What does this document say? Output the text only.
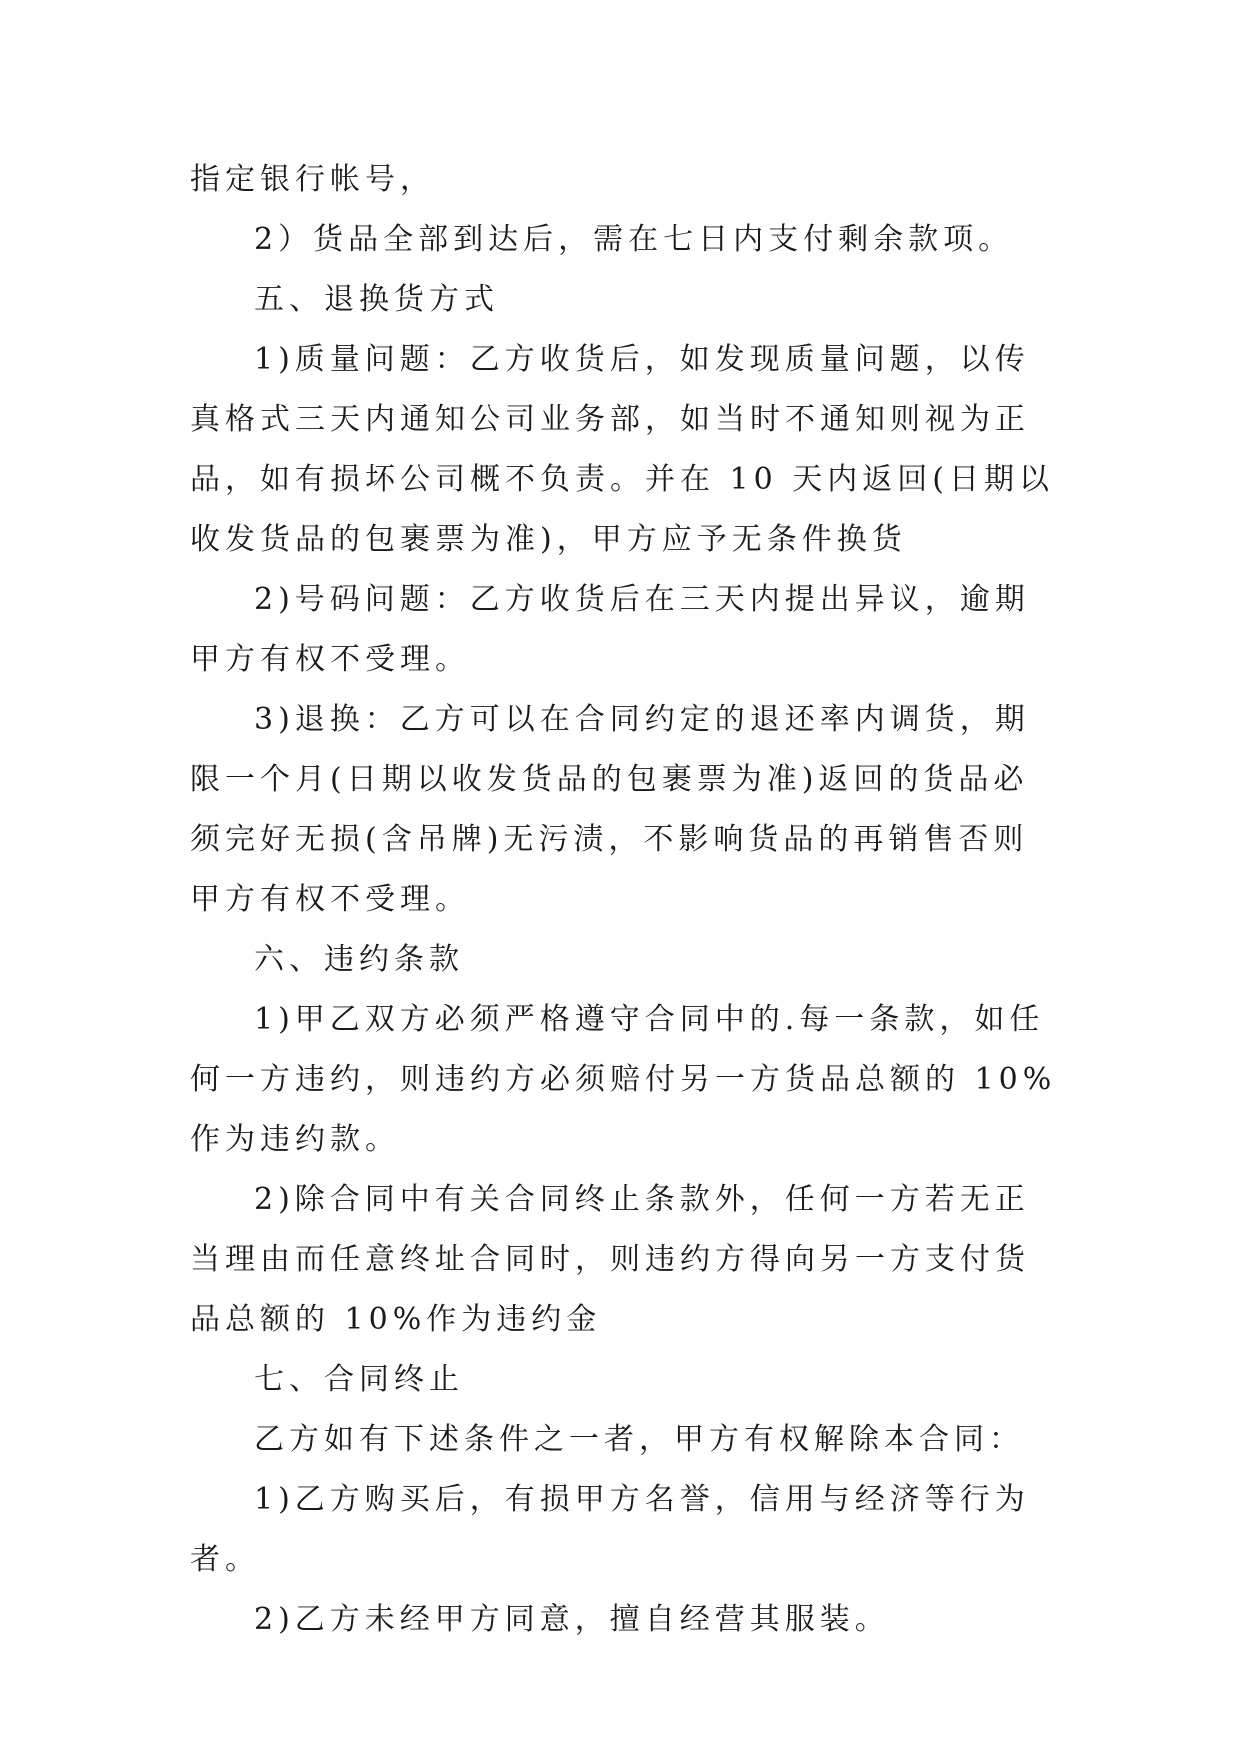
指定银行帐号，

2）货品全部到达后，需在七日内支付剩余款项。

五、退换货方式

1)质量问题：乙方收货后，如发现质量问题，以传真格式三天内通知公司业务部，如当时不通知则视为正品，如有损坏公司概不负责。并在 10 天内返回(日期以收发货品的包裹票为准)，甲方应予无条件换货

2)号码问题：乙方收货后在三天内提出异议，逾期甲方有权不受理。

3)退换：乙方可以在合同约定的退还率内调货，期限一个月(日期以收发货品的包裹票为准)返回的货品必须完好无损(含吊牌)无污渍，不影响货品的再销售否则甲方有权不受理。

六、违约条款

1)甲乙双方必须严格遵守合同中的.每一条款，如任何一方违约，则违约方必须赔付另一方货品总额的 10%作为违约款。

2)除合同中有关合同终止条款外，任何一方若无正当理由而任意终址合同时，则违约方得向另一方支付货品总额的 10%作为违约金

七、合同终止

乙方如有下述条件之一者，甲方有权解除本合同：

1)乙方购买后，有损甲方名誉，信用与经济等行为者。

2)乙方未经甲方同意，擅自经营其服装。
